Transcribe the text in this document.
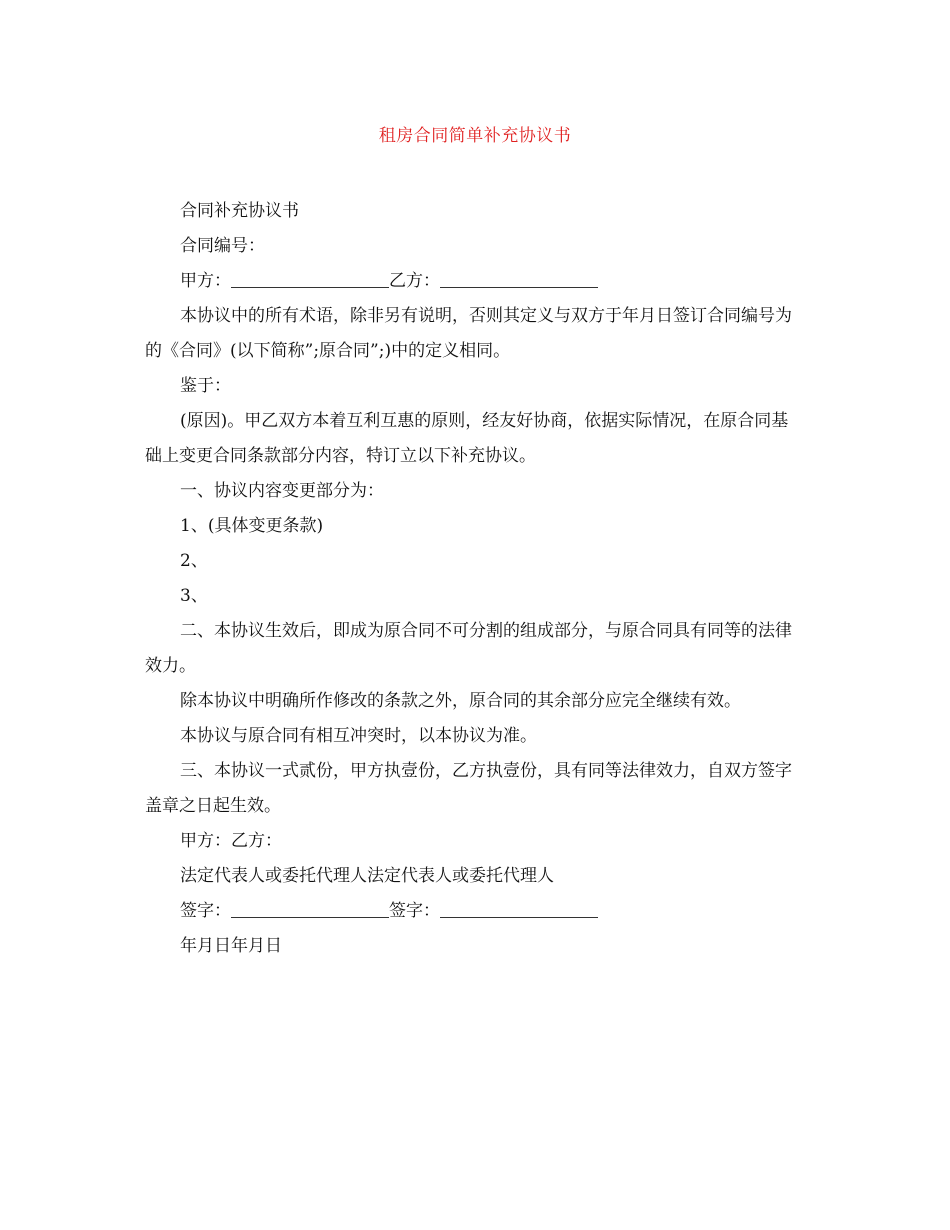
租房合同简单补充协议书

合同补充协议书

合同编号：

甲方：	乙方：

本协议中的所有术语，除非另有说明，否则其定义与双方于年月日签订合同编号为的《合同》(以下简称”;原合同”;)中的定义相同。

鉴于：

(原因)。甲乙双方本着互利互惠的原则，经友好协商，依据实际情况，在原合同基础上变更合同条款部分内容，特订立以下补充协议。

一、协议内容变更部分为：

1、(具体变更条款)

2、

3、

二、本协议生效后，即成为原合同不可分割的组成部分，与原合同具有同等的法律效力。

除本协议中明确所作修改的条款之外，原合同的其余部分应完全继续有效。

本协议与原合同有相互冲突时，以本协议为准。

三、本协议一式贰份，甲方执壹份，乙方执壹份，具有同等法律效力，自双方签字盖章之日起生效。

甲方：乙方：

法定代表人或委托代理人法定代表人或委托代理人

签字：	签字：

年月日年月日
